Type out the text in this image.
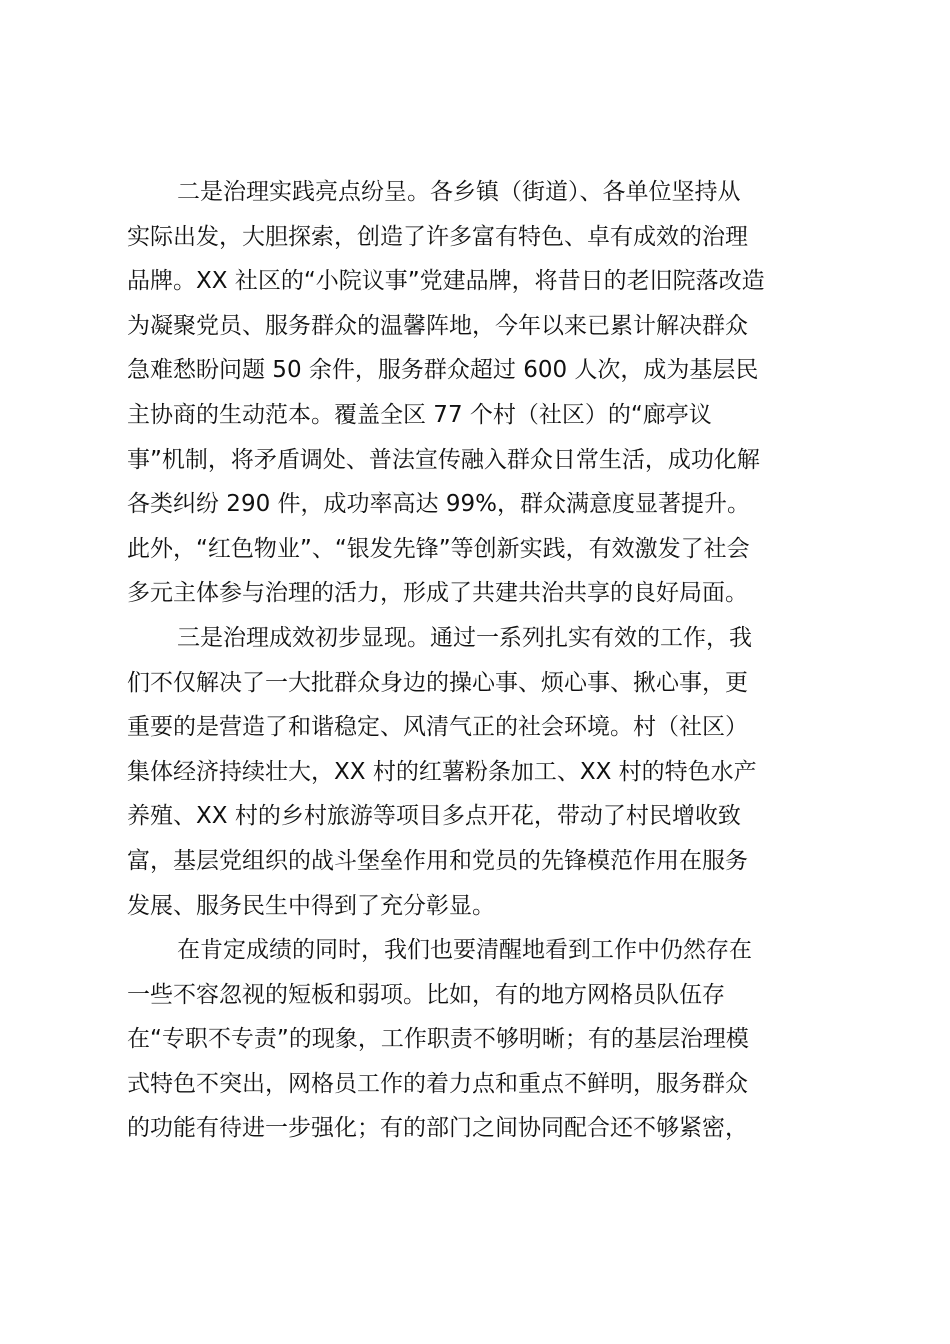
二是治理实践亮点纷呈。各乡镇（街道）、各单位坚持从
实际出发，大胆探索，创造了许多富有特色、卓有成效的治理
品牌。XX 社区的“小院议事”党建品牌，将昔日的老旧院落改造
为凝聚党员、服务群众的温馨阵地，今年以来已累计解决群众
急难愁盼问题 50 余件，服务群众超过 600 人次，成为基层民
主协商的生动范本。覆盖全区 77 个村（社区）的“廊亭议
事”机制，将矛盾调处、普法宣传融入群众日常生活，成功化解
各类纠纷 290 件，成功率高达 99%，群众满意度显著提升。
此外，“红色物业”、“银发先锋”等创新实践，有效激发了社会
多元主体参与治理的活力，形成了共建共治共享的良好局面。
三是治理成效初步显现。通过一系列扎实有效的工作，我
们不仅解决了一大批群众身边的操心事、烦心事、揪心事，更
重要的是营造了和谐稳定、风清气正的社会环境。村（社区）
集体经济持续壮大，XX 村的红薯粉条加工、XX 村的特色水产
养殖、XX 村的乡村旅游等项目多点开花，带动了村民增收致
富，基层党组织的战斗堡垒作用和党员的先锋模范作用在服务
发展、服务民生中得到了充分彰显。
在肯定成绩的同时，我们也要清醒地看到工作中仍然存在
一些不容忽视的短板和弱项。比如，有的地方网格员队伍存
在“专职不专责”的现象，工作职责不够明晰；有的基层治理模
式特色不突出，网格员工作的着力点和重点不鲜明，服务群众
的功能有待进一步强化；有的部门之间协同配合还不够紧密，
